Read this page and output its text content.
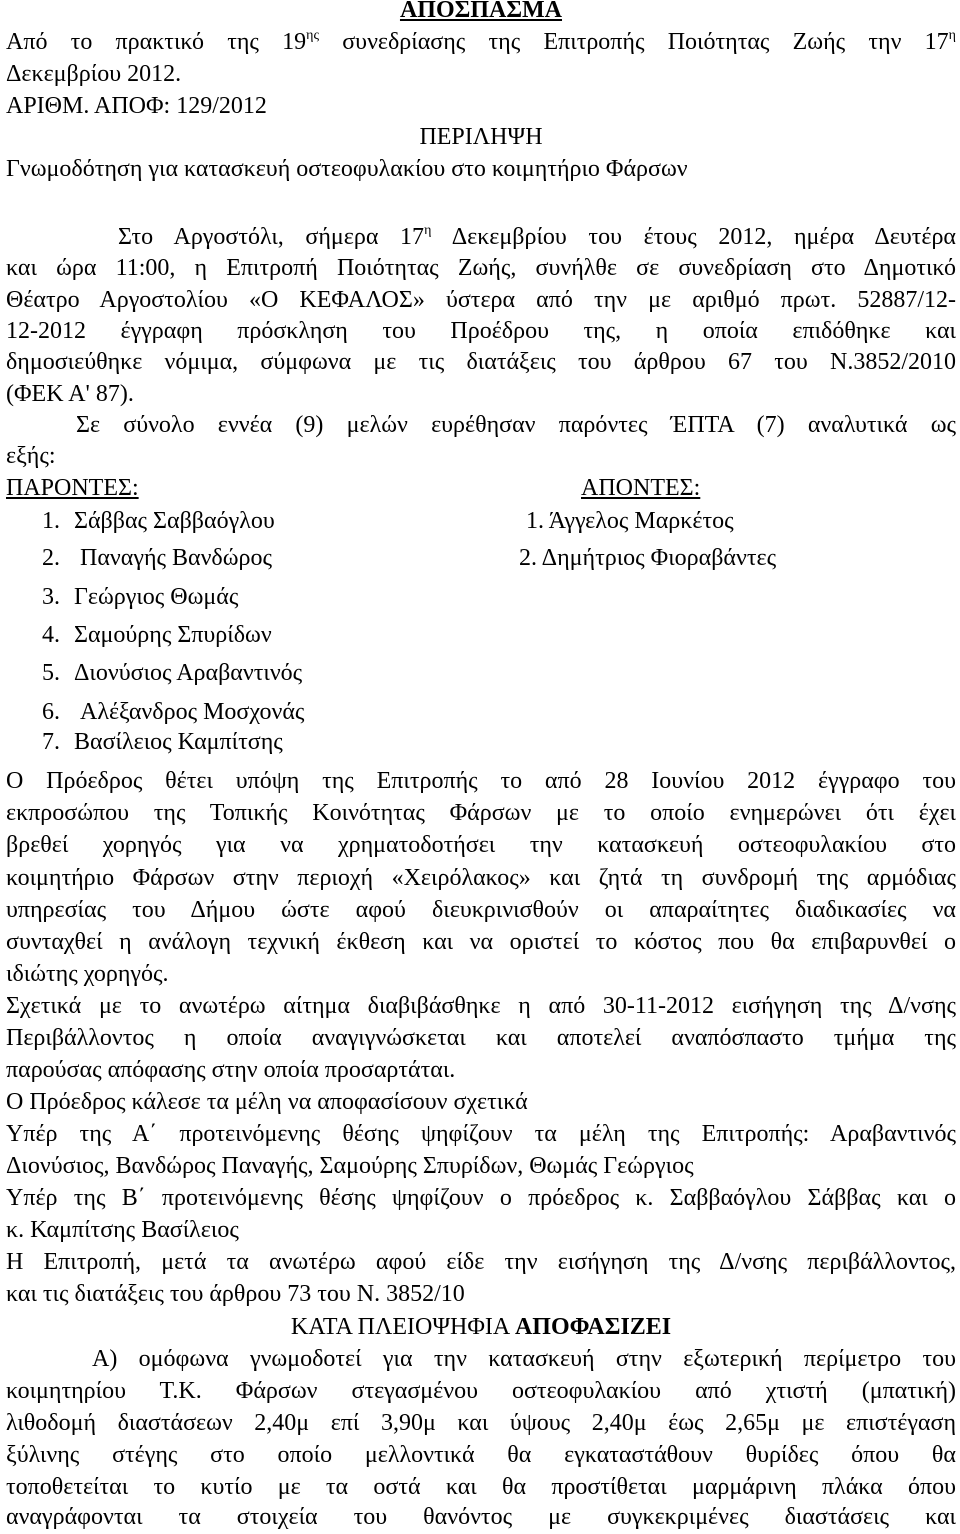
ΑΠΟΣΠΑΣΜΑ
Από το πρακτικό της $19^{\eta\varsigma}$ συνεδρίασης της Επιτροπής Ποιότητας Ζωής την $17^\eta$
Δεκεμβρίου 2012.
ΑΡΙΘΜ. ΑΠΟΦ: 129/2012
ΠΕΡΙΛΗΨΗ
Γνωμοδότηση για κατασκευή οστεοφυλακίου στο κοιμητήριο Φάρσων
Στο Αργοστόλι, σήμερα $17^\eta$ Δεκεμβρίου του έτους 2012, ημέρα Δευτέρα
και ώρα 11:00, η Επιτροπή Ποιότητας Ζωής, συνήλθε σε συνεδρίαση στο Δημοτικό
Θέατρο Αργοστολίου «Ο ΚΕΦΑΛΟΣ» ύστερα από την με αριθμό πρωτ. 52887/12-
12-2012 έγγραφη πρόσκληση του Προέδρου της, η οποία επιδόθηκε και
δημοσιεύθηκε νόμιμα, σύμφωνα με τις διατάξεις του άρθρου 67 του Ν.3852/2010
(ΦΕΚ Α' 87).
Σε σύνολο εννέα (9) μελών ευρέθησαν παρόντες ΈΠΤΑ (7) αναλυτικά ως
εξής:
ΠΑΡΟΝΤΕΣ:	ΑΠΟΝΤΕΣ:
1. Σάββας Σαββαόγλου
2. Παναγής Βανδώρος
3. Γεώργιος Θωμάς
4. Σαμούρης Σπυρίδων
5. Διονύσιος Αραβαντινός
6. Αλέξανδρος Μοσχονάς
7. Βασίλειος Καμπίτσης
1. Άγγελος Μαρκέτος
2. Δημήτριος Φιοραβάντες
Ο Πρόεδρος θέτει υπόψη της Επιτροπής το από 28 Ιουνίου 2012 έγγραφο του
εκπροσώπου της Τοπικής Κοινότητας Φάρσων με το οποίο ενημερώνει ότι έχει
βρεθεί χορηγός για να χρηματοδοτήσει την κατασκευή οστεοφυλακίου στο
κοιμητήριο Φάρσων στην περιοχή «Χειρόλακος» και ζητά τη συνδρομή της αρμόδιας
υπηρεσίας του Δήμου ώστε αφού διευκρινισθούν οι απαραίτητες διαδικασίες να
συνταχθεί η ανάλογη τεχνική έκθεση και να οριστεί το κόστος που θα επιβαρυνθεί ο
ιδιώτης χορηγός.
Σχετικά με το ανωτέρω αίτημα διαβιβάσθηκε η από 30-11-2012 εισήγηση της Δ/νσης
Περιβάλλοντος η οποία αναγιγνώσκεται και αποτελεί αναπόσπαστο τμήμα της
παρούσας απόφασης στην οποία προσαρτάται.
Ο Πρόεδρος κάλεσε τα μέλη να αποφασίσουν σχετικά
Υπέρ της Α΄ προτεινόμενης θέσης ψηφίζουν τα μέλη της Επιτροπής: Αραβαντινός
Διονύσιος, Βανδώρος Παναγής, Σαμούρης Σπυρίδων, Θωμάς Γεώργιος
Υπέρ της Β΄ προτεινόμενης θέσης ψηφίζουν ο πρόεδρος κ. Σαββαόγλου Σάββας και ο
κ. Καμπίτσης Βασίλειος
Η Επιτροπή, μετά τα ανωτέρω αφού είδε την εισήγηση της Δ/νσης περιβάλλοντος,
και τις διατάξεις του άρθρου 73 του Ν. 3852/10
ΚΑΤΑ ΠΛΕΙΟΨΗΦΙΑ ΑΠΟΦΑΣΙΖΕΙ
Α) ομόφωνα γνωμοδοτεί για την κατασκευή στην εξωτερική περίμετρο του
κοιμητηρίου Τ.Κ. Φάρσων στεγασμένου οστεοφυλακίου από χτιστή (μπατική)
λιθοδομή διαστάσεων 2,40μ επί 3,90μ και ύψους 2,40μ έως 2,65μ με επιστέγαση
ξύλινης στέγης στο οποίο μελλοντικά θα εγκαταστάθουν θυρίδες όπου θα
τοποθετείται το κυτίο με τα οστά και θα προστίθεται μαρμάρινη πλάκα όπου
αναγράφονται τα στοιχεία του θανόντος με συγκεκριμένες διαστάσεις και
